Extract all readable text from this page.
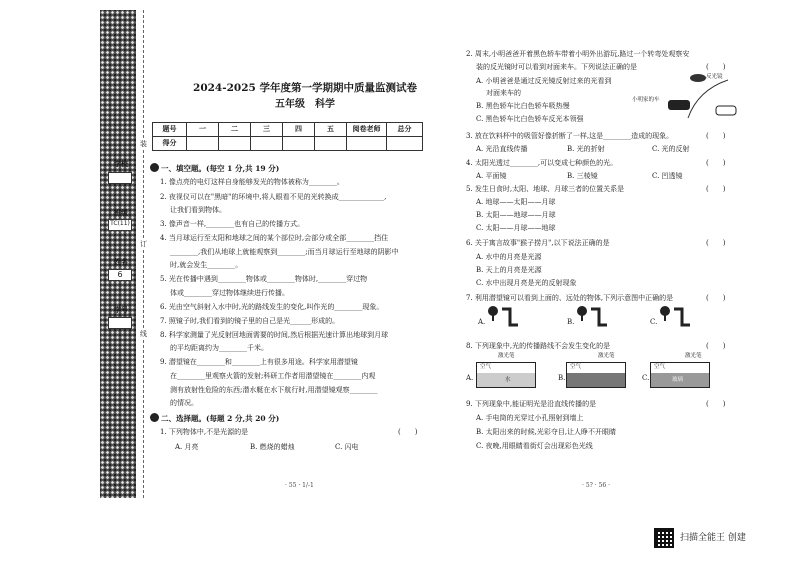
装
订
线
学校
班级
TC(11)
姓名
6
学号
2024-2025 学年度第一学期期中质量监测试卷
五年级　科学
题号	一	二	三	四	五	阅卷老师	总分
得分							
一、填空题。(每空 1 分,共 19 分)
1. 像点亮的电灯这样自身能够发光的物体被称为________。
2. 夜视仪可以在"黑暗"的环境中,将人眼看不见的光转换成_____________,
让我们看到物体。
3. 像声音一样,________也有自己的传播方式。
4. 当月球运行至太阳和地球之间的某个部位时,会部分或全部________挡住
________,我们从地球上就能观察到________;而当月球运行至地球的阴影中
时,就会发生________。
5. 光在传播中遇到________物体或________物体时,________穿过物
体或________穿过物体继续进行传播。
6. 光由空气斜射入水中时,光的路线发生的变化,叫作光的________现象。
7. 照镜子时,我们看到的镜子里的自己是光______形成的。
8. 科学家测量了光反射回地面需要的时间,然后根据光速计算出地球到月球
的平均距离约为________千米。
9. 潜望镜在________和________上有很多用途。科学家用潜望镜
在________里观察火箭的发射;科研工作者用潜望镜在________内观
测有放射性危险的东西;潜水艇在水下航行时,用潜望镜观察________
的情况。
二、选择题。(每题 2 分,共 20 分)
1. 下列物体中,不是光源的是	(　　)
A. 月亮	B. 燃烧的蜡烛	C. 闪电
· 55 · 1/-1
2. 周末,小明爸爸开着黑色轿车带着小明外出游玩,路过一个转弯处观察安
装的反光镜时可以看到对面来车。下列说法正确的是	(　　)
A. 小明爸爸是通过反光镜反射过来的光看到
对面来车的
B. 黑色轿车比白色轿车吸热慢
C. 黑色轿车比白色轿车反光本领强
反光镜
小明家的车
3. 放在饮料杯中的吸管好像折断了一样,这是________造成的现象。	(　　)
A. 光沿直线传播	B. 光的折射	C. 光的反射
4. 太阳光透过________,可以变成七种颜色的光。	(　　)
A. 平面镜	B. 三棱镜	C. 凹透镜
5. 发生日食时,太阳、地球、月球三者的位置关系是	(　　)
A. 地球——太阳——月球
B. 太阳——地球——月球
C. 太阳——月球——地球
6. 关于寓言故事"猴子捞月",以下说法正确的是	(　　)
A. 水中的月亮是光源
B. 天上的月亮是光源
C. 水中出现月亮是光的反射现象
7. 利用潜望镜可以看到上面的、远处的物体,下列示意图中正确的是	(　　)
A.	B.	C.
8. 下列现象中,光的传播路线不会发生变化的是	(　　)
A.	B.	C.
激光笔
空气
水
激光笔
空气
激光笔
空气
玻璃
9. 下列现象中,能证明光是沿直线传播的是	(　　)
A. 手电筒的光穿过小孔照射到墙上
B. 太阳出来的时候,光彩夺目,让人睁不开眼睛
C. 夜晚,用眼睛看街灯会出现彩色光线
· 5? · 56 ·
扫描全能王 创建
